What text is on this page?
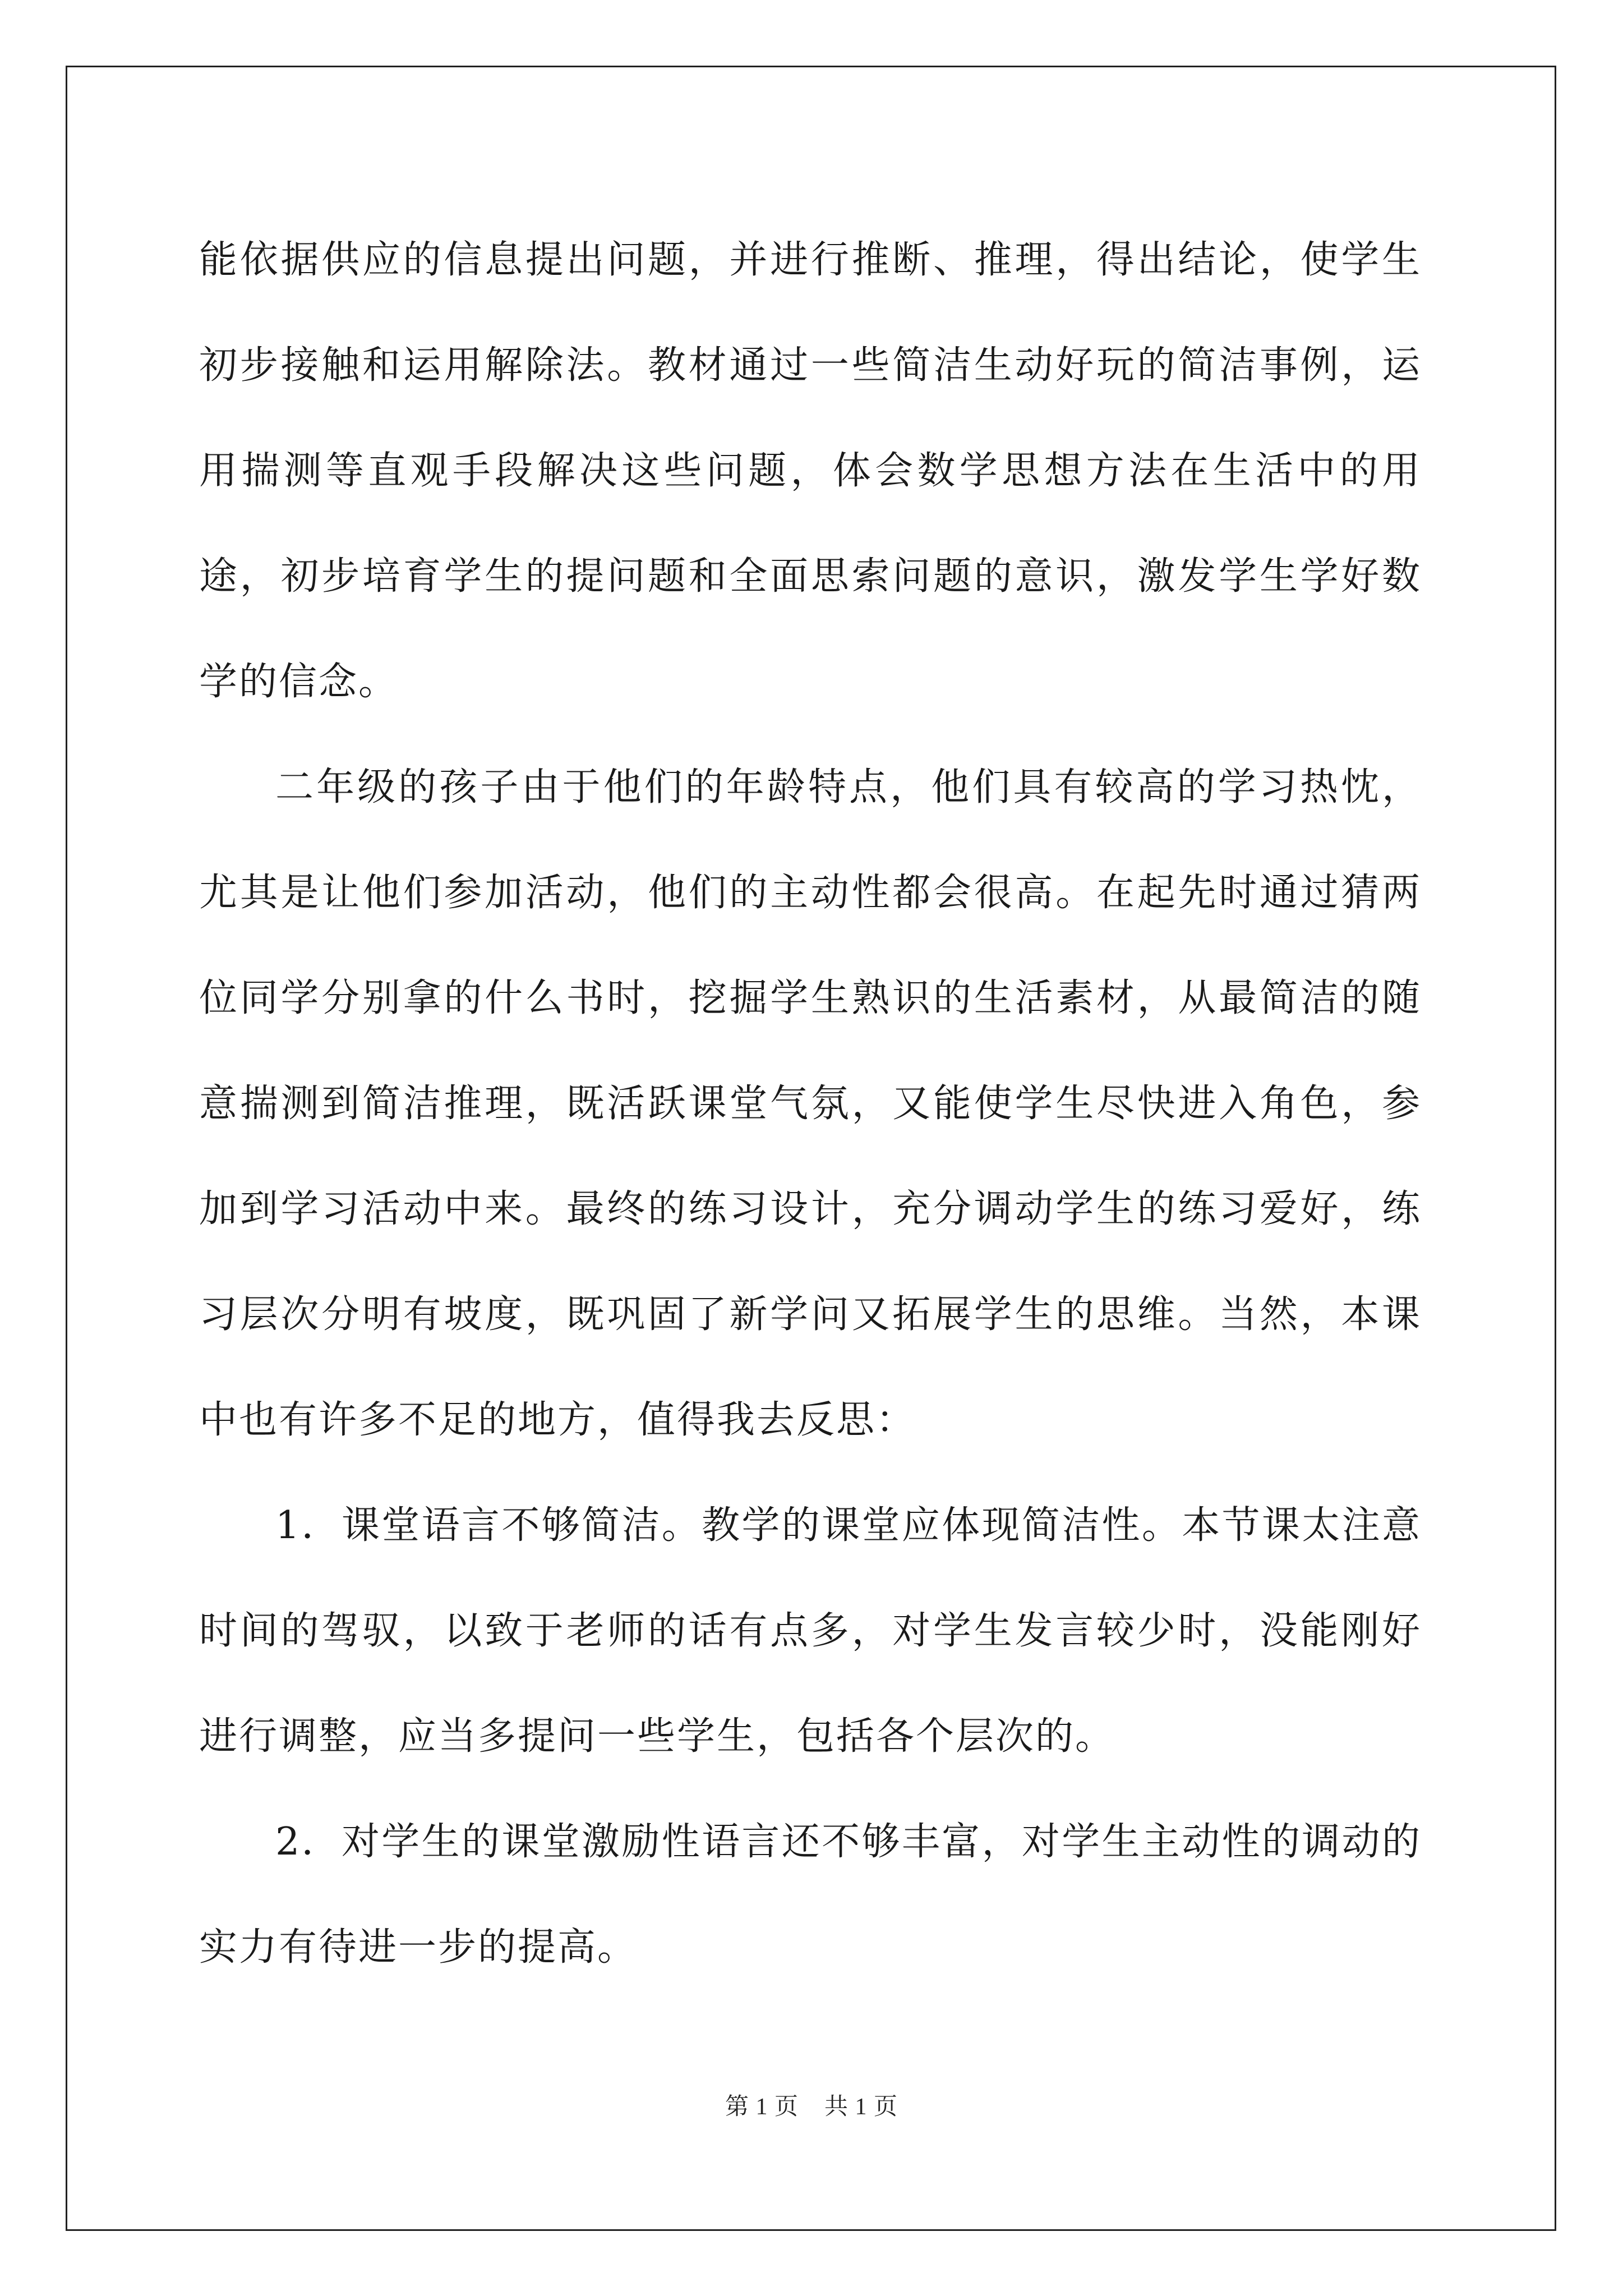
能依据供应的信息提出问题，并进行推断、推理，得出结论，使学生初步接触和运用解除法。教材通过一些简洁生动好玩的简洁事例，运用揣测等直观手段解决这些问题，体会数学思想方法在生活中的用途，初步培育学生的提问题和全面思索问题的意识，激发学生学好数学的信念。

二年级的孩子由于他们的年龄特点，他们具有较高的学习热忱，尤其是让他们参加活动，他们的主动性都会很高。在起先时通过猜两位同学分别拿的什么书时，挖掘学生熟识的生活素材，从最简洁的随意揣测到简洁推理，既活跃课堂气氛，又能使学生尽快进入角色，参加到学习活动中来。最终的练习设计，充分调动学生的练习爱好，练习层次分明有坡度，既巩固了新学问又拓展学生的思维。当然，本课中也有许多不足的地方，值得我去反思：

1．课堂语言不够简洁。教学的课堂应体现简洁性。本节课太注意时间的驾驭，以致于老师的话有点多，对学生发言较少时，没能刚好进行调整，应当多提问一些学生，包括各个层次的。

2．对学生的课堂激励性语言还不够丰富，对学生主动性的调动的实力有待进一步的提高。

第 1 页    共 1 页
